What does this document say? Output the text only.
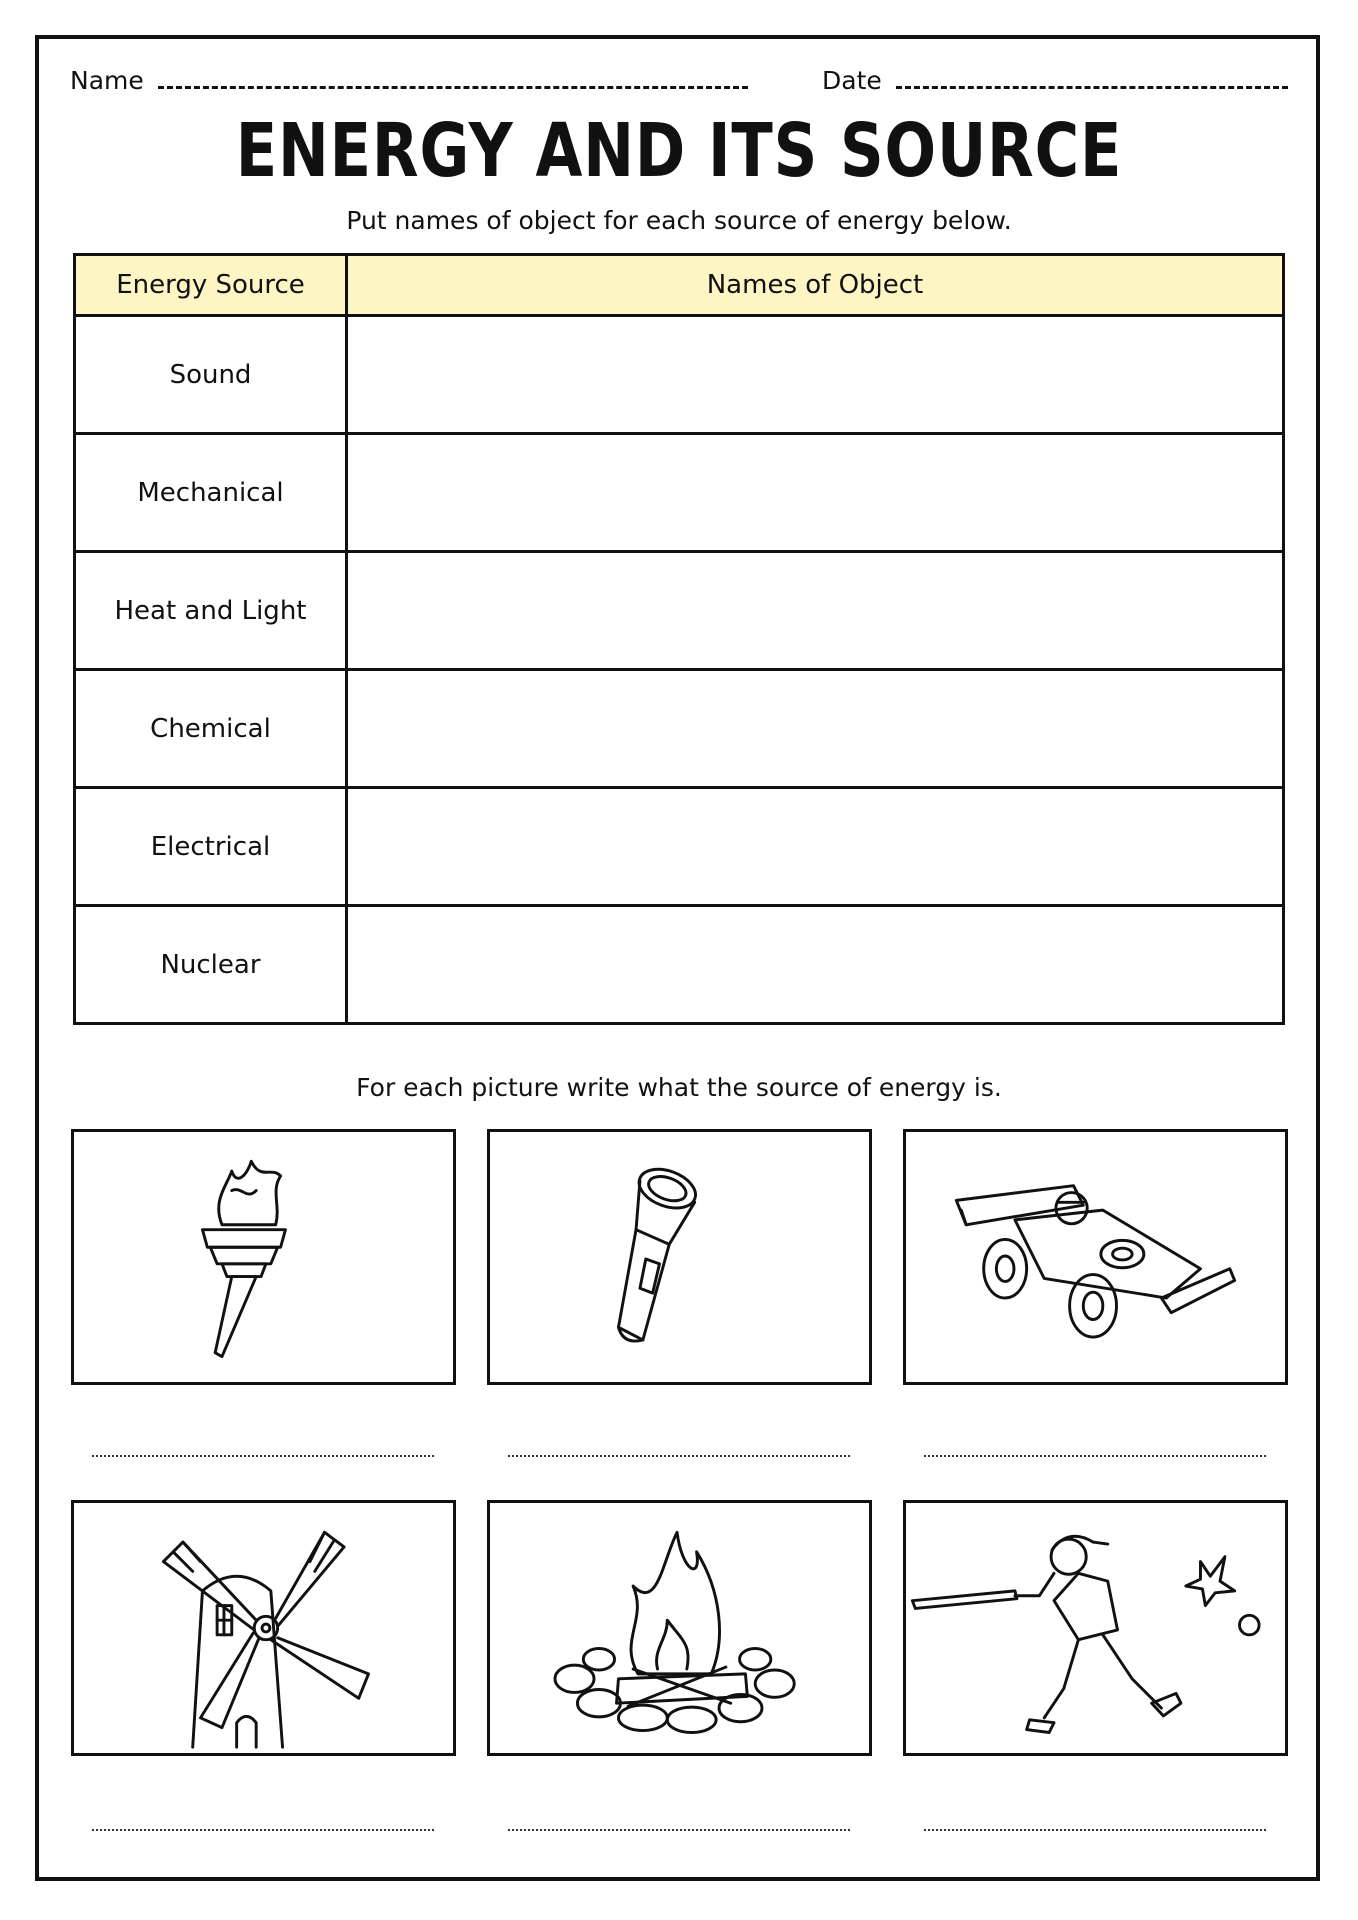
Name	Date
ENERGY AND ITS SOURCE
Put names of object for each source of energy below.
Energy Source	Names of Object
Sound	
Mechanical	
Heat and Light	
Chemical	
Electrical	
Nuclear	
For each picture write what the source of energy is.
